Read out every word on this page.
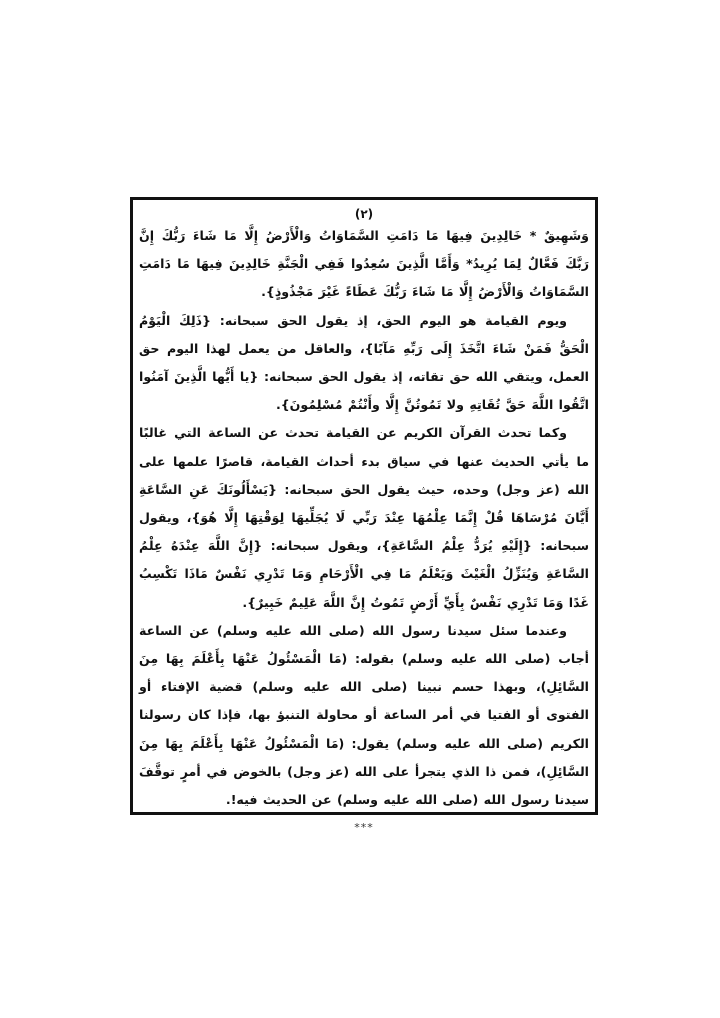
(٢)

وَشَهِيقٌ * خَالِدِينَ فِيهَا مَا دَامَتِ السَّمَاوَاتُ وَالْأَرْضُ إِلَّا مَا شَاءَ رَبُّكَ إِنَّ رَبَّكَ فَعَّالٌ لِمَا يُرِيدُ* وَأَمَّا الَّذِينَ سُعِدُوا فَفِي الْجَنَّةِ خَالِدِينَ فِيهَا مَا دَامَتِ السَّمَاوَاتُ وَالْأَرْضُ إِلَّا مَا شَاءَ رَبُّكَ عَطَاءً غَيْرَ مَجْذُوذٍ}.

ويوم القيامة هو اليوم الحق، إذ يقول الحق سبحانه: {ذَلِكَ الْيَوْمُ الْحَقُّ فَمَنْ شَاءَ اتَّخَذَ إِلَى رَبِّهِ مَآبًا}، والعاقل من يعمل لهذا اليوم حق العمل، ويتقي الله حق تقاته، إذ يقول الحق سبحانه: {يا أَيُّها الَّذِينَ آمَنُوا اتَّقُوا اللَّهَ حَقَّ تُقَاتِهِ ولا تَمُوتُنَّ إِلَّا وأَنْتُمْ مُسْلِمُونَ}.

وكما تحدث القرآن الكريم عن القيامة تحدث عن الساعة التي غالبًا ما يأتي الحديث عنها في سياق بدء أحداث القيامة، قاصرًا علمها على الله (عز وجل) وحده، حيث يقول الحق سبحانه: {يَسْأَلُونَكَ عَنِ السَّاعَةِ أَيَّانَ مُرْسَاهَا قُلْ إِنَّمَا عِلْمُهَا عِنْدَ رَبِّي لَا يُجَلِّيهَا لِوَقْتِهَا إِلَّا هُوَ}، ويقول سبحانه: {إِلَيْهِ يُرَدُّ عِلْمُ السَّاعَةِ}، ويقول سبحانه: {إِنَّ اللَّهَ عِنْدَهُ عِلْمُ السَّاعَةِ وَيُنَزِّلُ الْغَيْثَ وَيَعْلَمُ مَا فِي الْأَرْحَامِ وَمَا تَدْرِي نَفْسٌ مَاذَا تَكْسِبُ غَدًا وَمَا تَدْرِي نَفْسٌ بِأَيِّ أَرْضٍ تَمُوتُ إِنَّ اللَّهَ عَلِيمٌ خَبِيرٌ}.

وعندما سئل سيدنا رسول الله (صلى الله عليه وسلم) عن الساعة أجاب (صلى الله عليه وسلم) بقوله: (مَا الْمَسْئُولُ عَنْهَا بِأَعْلَمَ بِهَا مِنَ السَّائِلِ)، وبهذا حسم نبينا (صلى الله عليه وسلم) قضية الإفتاء أو الفتوى أو الفتيا في أمر الساعة أو محاولة التنبؤ بها، فإذا كان رسولنا الكريم (صلى الله عليه وسلم) يقول: (مَا الْمَسْئُولُ عَنْهَا بِأَعْلَمَ بِهَا مِنَ السَّائِلِ)، فمن ذا الذي يتجرأ على الله (عز وجل) بالخوض في أمرٍ توقَّفَ سيدنا رسول الله (صلى الله عليه وسلم) عن الحديث فيه!.

***
